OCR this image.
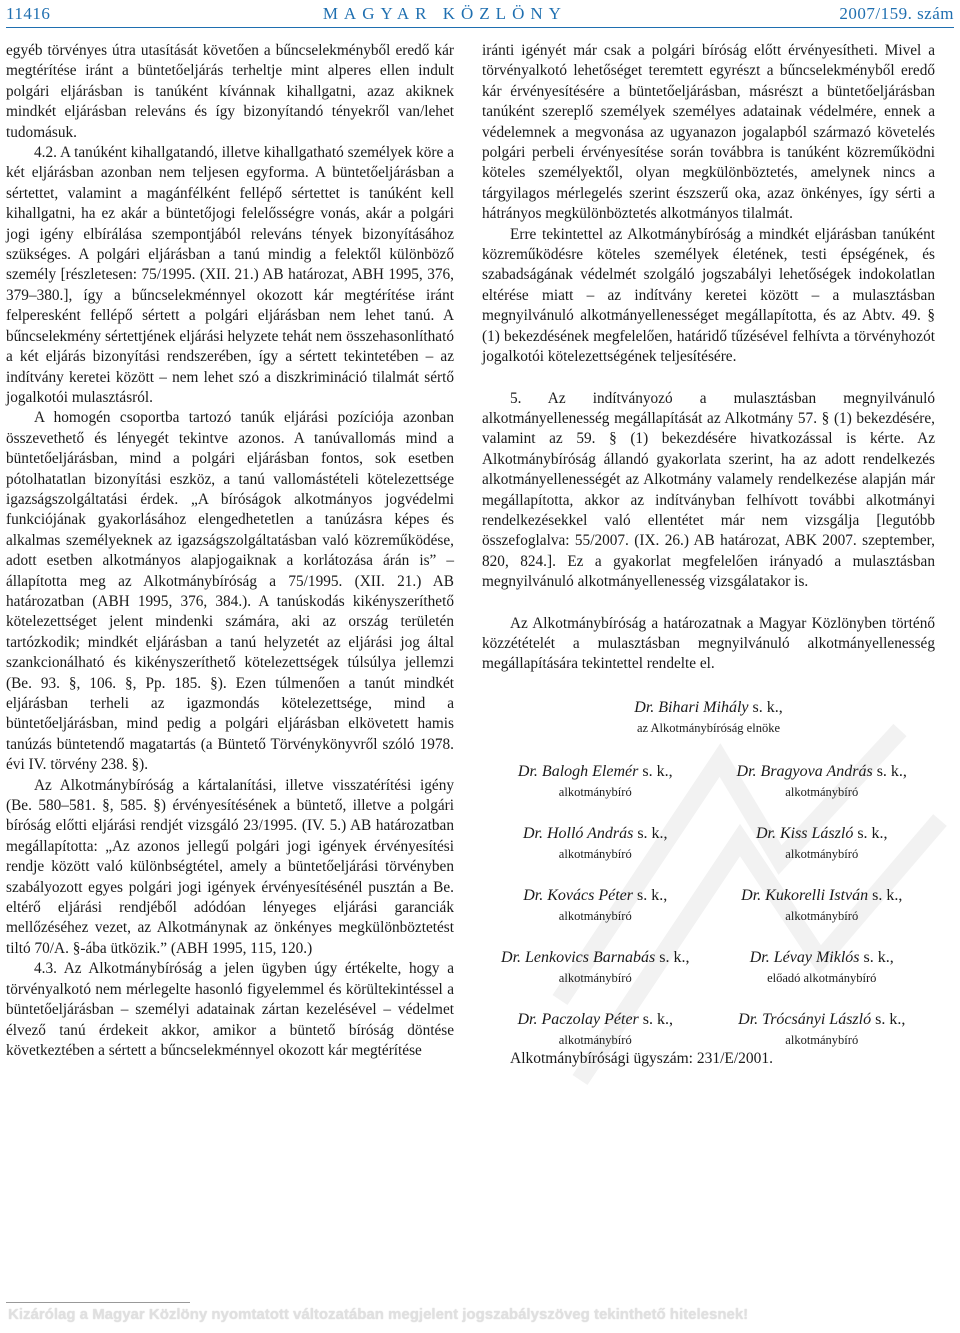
11416	MAGYAR KÖZLÖNY	2007/159. szám

egyéb törvényes útra utasítását követően a bűncselekményből eredő kár megtérítése iránt a büntetőeljárás terheltje mint alperes ellen indult polgári eljárásban is tanúként kívánnak kihallgatni, azaz akiknek mindkét eljárásban releváns és így bizonyítandó tényekről van/lehet tudomásuk.

4.2. A tanúként kihallgatandó, illetve kihallgatható személyek köre a két eljárásban azonban nem teljesen egyforma. A büntetőeljárásban a sértettet, valamint a magánfélként fellépő sértettet is tanúként kell kihallgatni, ha ez akár a büntetőjogi felelősségre vonás, akár a polgári jogi igény elbírálása szempontjából releváns tények bizonyításához szükséges. A polgári eljárásban a tanú mindig a felektől különböző személy [részletesen: 75/1995. (XII. 21.) AB határozat, ABH 1995, 376, 379–380.], így a bűncselekménnyel okozott kár megtérítése iránt felperesként fellépő sértett a polgári eljárásban nem lehet tanú. A bűncselekmény sértettjének eljárási helyzete tehát nem összehasonlítható a két eljárás bizonyítási rendszerében, így a sértett tekintetében – az indítvány keretei között – nem lehet szó a diszkrimináció tilalmát sértő jogalkotói mulasztásról.

A homogén csoportba tartozó tanúk eljárási pozíciója azonban összevethető és lényegét tekintve azonos. A tanúvallomás mind a büntetőeljárásban, mind a polgári eljárásban fontos, sok esetben pótolhatatlan bizonyítási eszköz, a tanú vallomástételi kötelezettsége igazságszolgáltatási érdek. „A bíróságok alkotmányos jogvédelmi funkciójának gyakorlásához elengedhetetlen a tanúzásra képes és alkalmas személyeknek az igazságszolgáltatásban való közreműködése, adott esetben alkotmányos alapjogaiknak a korlátozása árán is” – állapította meg az Alkotmánybíróság a 75/1995. (XII. 21.) AB határozatban (ABH 1995, 376, 384.). A tanúskodás kikényszeríthető kötelezettséget jelent mindenki számára, aki az ország területén tartózkodik; mindkét eljárásban a tanú helyzetét az eljárási jog által szankcionálható és kikényszeríthető kötelezettségek túlsúlya jellemzi (Be. 93. §, 106. §, Pp. 185. §). Ezen túlmenően a tanút mindkét eljárásban terheli az igazmondás kötelezettsége, mind a büntetőeljárásban, mind pedig a polgári eljárásban elkövetett hamis tanúzás büntetendő magatartás (a Büntető Törvénykönyvről szóló 1978. évi IV. törvény 238. §).

Az Alkotmánybíróság a kártalanítási, illetve visszatérítési igény (Be. 580–581. §, 585. §) érvényesítésének a büntető, illetve a polgári bíróság előtti eljárási rendjét vizsgáló 23/1995. (IV. 5.) AB határozatban megállapította: „Az azonos jellegű polgári jogi igények érvényesítési rendje között való különbségtétel, amely a büntetőeljárási törvényben szabályozott egyes polgári jogi igények érvényesítésénél pusztán a Be. eltérő eljárási rendjéből adódóan lényeges eljárási garanciák mellőzéséhez vezet, az Alkotmánynak az önkényes megkülönböztetést tiltó 70/A. §-ába ütközik.” (ABH 1995, 115, 120.)

4.3. Az Alkotmánybíróság a jelen ügyben úgy értékelte, hogy a törvényalkotó nem mérlegelte hasonló figyelemmel és körültekintéssel a büntetőeljárásban – személyi adatainak zártan kezelésével – védelmet élvező tanú érdekeit akkor, amikor a büntető bíróság döntése következtében a sértett a bűncselekménnyel okozott kár megtérítése

iránti igényét már csak a polgári bíróság előtt érvényesítheti. Mivel a törvényalkotó lehetőséget teremtett egyrészt a bűncselekményből eredő kár érvényesítésére a büntetőeljárásban, másrészt a büntetőeljárásban tanúként szereplő személyek személyes adatainak védelmére, ennek a védelemnek a megvonása az ugyanazon jogalapból származó követelés polgári perbeli érvényesítése során továbbra is tanúként közreműködni köteles személyektől, olyan megkülönböztetés, amelynek nincs a tárgyilagos mérlegelés szerint észszerű oka, azaz önkényes, így sérti a hátrányos megkülönböztetés alkotmányos tilalmát.

Erre tekintettel az Alkotmánybíróság a mindkét eljárásban tanúként közreműködésre köteles személyek életének, testi épségének, és szabadságának védelmét szolgáló jogszabályi lehetőségek indokolatlan eltérése miatt – az indítvány keretei között – a mulasztásban megnyilvánuló alkotmányellenességet megállapította, és az Abtv. 49. § (1) bekezdésének megfelelően, határidő tűzésével felhívta a törvényhozót jogalkotói kötelezettségének teljesítésére.

5. Az indítványozó a mulasztásban megnyilvánuló alkotmányellenesség megállapítását az Alkotmány 57. § (1) bekezdésére, valamint az 59. § (1) bekezdésére hivatkozással is kérte. Az Alkotmánybíróság állandó gyakorlata szerint, ha az adott rendelkezés alkotmányellenességét az Alkotmány valamely rendelkezése alapján már megállapította, akkor az indítványban felhívott további alkotmányi rendelkezésekkel való ellentétet már nem vizsgálja [legutóbb összefoglalva: 55/2007. (IX. 26.) AB határozat, ABK 2007. szeptember, 820, 824.]. Ez a gyakorlat megfelelően irányadó a mulasztásban megnyilvánuló alkotmányellenesség vizsgálatakor is.

Az Alkotmánybíróság a határozatnak a Magyar Közlönyben történő közzétételét a mulasztásban megnyilvánuló alkotmányellenesség megállapítására tekintettel rendelte el.

Dr. Bihari Mihály s. k.,
az Alkotmánybíróság elnöke
Dr. Balogh Elemér s. k.,
alkotmánybíró
Dr. Bragyova András s. k.,
alkotmánybíró
Dr. Holló András s. k.,
alkotmánybíró
Dr. Kiss László s. k.,
alkotmánybíró
Dr. Kovács Péter s. k.,
alkotmánybíró
Dr. Kukorelli István s. k.,
alkotmánybíró
Dr. Lenkovics Barnabás s. k.,
alkotmánybíró
Dr. Lévay Miklós s. k.,
előadó alkotmánybíró
Dr. Paczolay Péter s. k.,
alkotmánybíró
Dr. Trócsányi László s. k.,
alkotmánybíró

Alkotmánybírósági ügyszám: 231/E/2001.

Kizárólag a Magyar Közlöny nyomtatott változatában megjelent jogszabályszöveg tekinthető hitelesnek!
